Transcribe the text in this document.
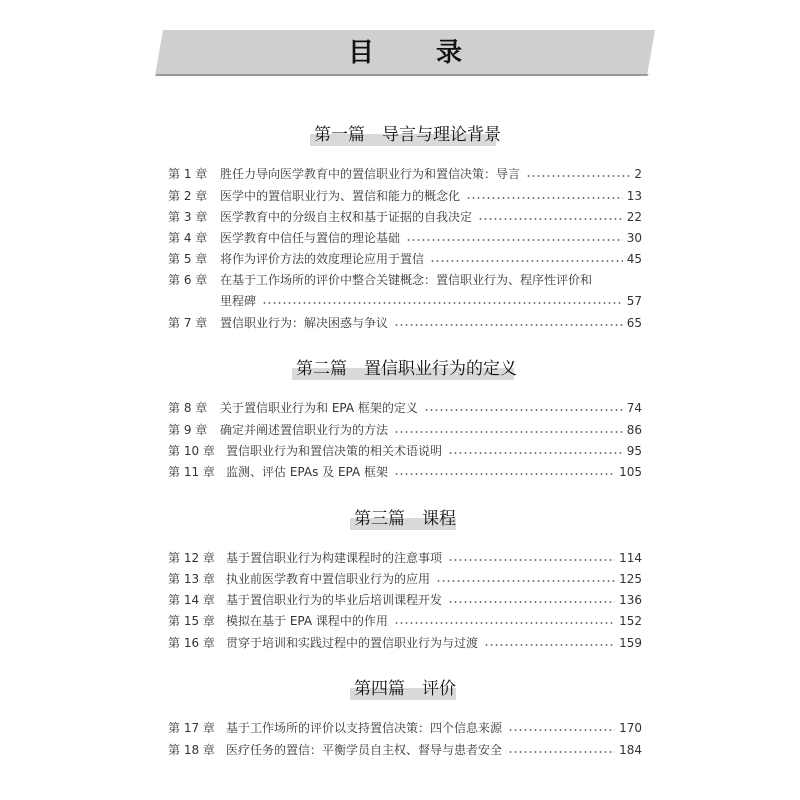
目　录
第一篇　导言与理论背景
第 1 章	胜任力导向医学教育中的置信职业行为和置信决策：导言	2
第 2 章	医学中的置信职业行为、置信和能力的概念化	13
第 3 章	医学教育中的分级自主权和基于证据的自我决定	22
第 4 章	医学教育中信任与置信的理论基础	30
第 5 章	将作为评价方法的效度理论应用于置信	45
第 6 章	在基于工作场所的评价中整合关键概念：置信职业行为、程序性评价和
里程碑	57
第 7 章	置信职业行为：解决困惑与争议	65
第二篇　置信职业行为的定义
第 8 章	关于置信职业行为和 EPA 框架的定义	74
第 9 章	确定并阐述置信职业行为的方法	86
第 10 章 置信职业行为和置信决策的相关术语说明	95
第 11 章 监测、评估 EPAs 及 EPA 框架	105
第三篇　课程
第 12 章 基于置信职业行为构建课程时的注意事项	114
第 13 章 执业前医学教育中置信职业行为的应用	125
第 14 章 基于置信职业行为的毕业后培训课程开发	136
第 15 章 模拟在基于 EPA 课程中的作用	152
第 16 章 贯穿于培训和实践过程中的置信职业行为与过渡	159
第四篇　评价
第 17 章 基于工作场所的评价以支持置信决策：四个信息来源	170
第 18 章 医疗任务的置信：平衡学员自主权、督导与患者安全	184
